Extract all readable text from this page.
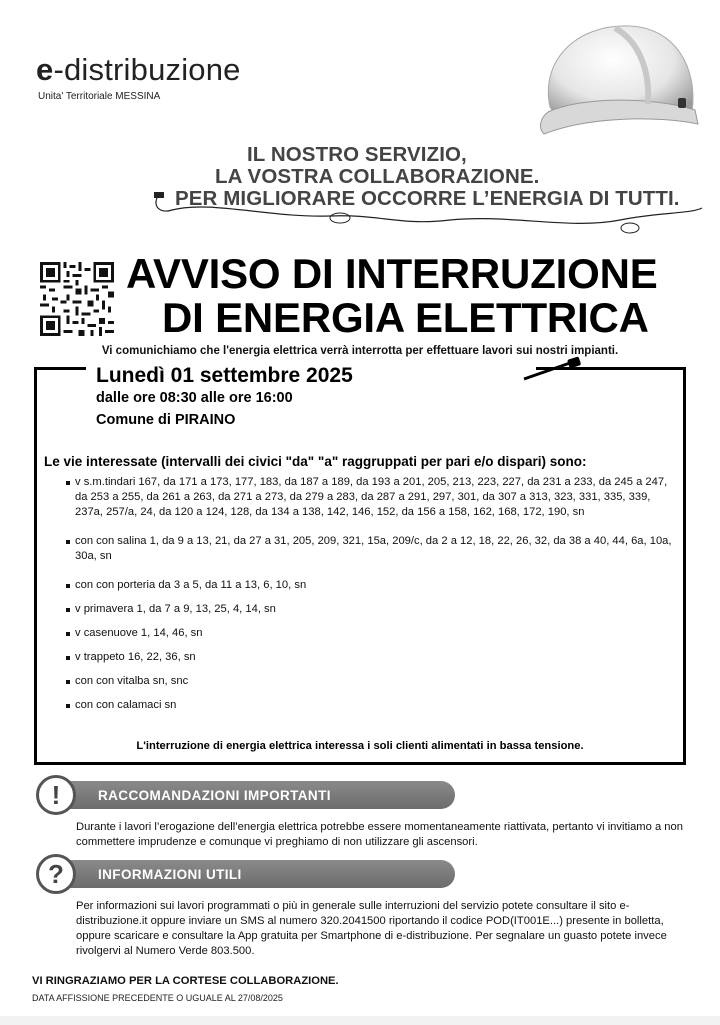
e-distribuzione
Unita' Territoriale MESSINA
IL NOSTRO SERVIZIO,
LA VOSTRA COLLABORAZIONE.
PER MIGLIORARE OCCORRE L’ENERGIA DI TUTTI.
AVVISO DI INTERRUZIONE
DI ENERGIA ELETTRICA
Vi comunichiamo che l'energia elettrica verrà interrotta per effettuare lavori sui nostri impianti.
Lunedì 01 settembre 2025
dalle ore 08:30 alle ore 16:00
Comune di PIRAINO
Le vie interessate (intervalli dei civici "da" "a" raggruppati per pari e/o dispari) sono:
v s.m.tindari 167, da 171 a 173, 177, 183, da 187 a 189, da 193 a 201, 205, 213, 223, 227, da 231 a 233, da 245 a 247, da 253 a 255, da 261 a 263, da 271 a 273, da 279 a 283, da 287 a 291, 297, 301, da 307 a 313, 323, 331, 335, 339, 237a, 257/a, 24, da 120 a 124, 128, da 134 a 138, 142, 146, 152, da 156 a 158, 162, 168, 172, 190, sn
con con salina 1, da 9 a 13, 21, da 27 a 31, 205, 209, 321, 15a, 209/c, da 2 a 12, 18, 22, 26, 32, da 38 a 40, 44, 6a, 10a, 30a, sn
con con porteria da 3 a 5, da 11 a 13, 6, 10, sn
v primavera 1, da 7 a 9, 13, 25, 4, 14, sn
v casenuove 1, 14, 46, sn
v trappeto 16, 22, 36, sn
con con vitalba sn, snc
con con calamaci sn
L'interruzione di energia elettrica interessa i soli clienti alimentati in bassa tensione.
RACCOMANDAZIONI IMPORTANTI
!
Durante i lavori l’erogazione dell’energia elettrica potrebbe essere momentaneamente riattivata, pertanto vi invitiamo a non commettere imprudenze e comunque vi preghiamo di non utilizzare gli ascensori.
INFORMAZIONI UTILI
?
Per informazioni sui lavori programmati o più in generale sulle interruzioni del servizio potete consultare il sito e-distribuzione.it oppure inviare un SMS al numero 320.2041500 riportando il codice POD(IT001E...) presente in bolletta, oppure scaricare e consultare la App gratuita per Smartphone di e-distribuzione. Per segnalare un guasto potete invece rivolgervi al Numero Verde 803.500.
VI RINGRAZIAMO PER LA CORTESE COLLABORAZIONE.
DATA AFFISSIONE PRECEDENTE O UGUALE AL 27/08/2025
